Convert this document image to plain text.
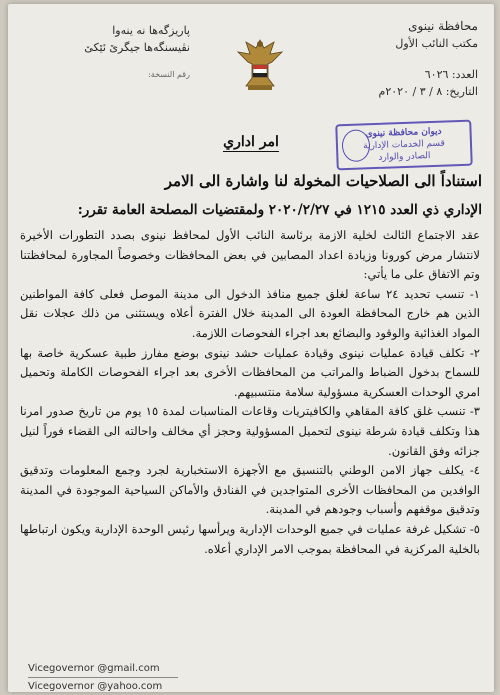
محافظة نينوى
مكتب النائب الأول
العدد: ٦٠٢٦
التاريخ: ٨ / ٣ / ٢٠٢٠م
پاريزگەها نە ينەوا
نڤيسنگەها جيگرێ ئێكێ
رقم النسخة:
ديوان محافظة نينوى
قسم الخدمات الإدارية
الصادر والوارد
امر اداري
استناداً الى الصلاحيات المخولة لنا واشارة الى الامر
الإداري ذي العدد ١٢١٥ في ٢٠٢٠/٢/٢٧ ولمقتضيات المصلحة العامة تقرر:

عقد الاجتماع الثالث لخلية الازمة برئاسة النائب الأول لمحافظ نينوى بصدد التطورات الأخيرة لانتشار مرض كورونا وزيادة اعداد المصابين في بعض المحافظات وخصوصاً المجاورة لمحافظتنا وتم الاتفاق على ما يأتي:

١- تنسب تحديد ٢٤ ساعة لغلق جميع منافذ الدخول الى مدينة الموصل فعلى كافة المواطنين الذين هم خارج المحافظة العودة الى المدينة خلال الفترة أعلاه ويستثنى من ذلك عجلات نقل المواد الغذائية والوقود والبضائع بعد اجراء الفحوصات اللازمة.

٢- تكلف قيادة عمليات نينوى وقيادة عمليات حشد نينوى بوضع مفارز طبية عسكرية خاصة بها للسماح بدخول الضباط والمراتب من المحافظات الأخرى بعد اجراء الفحوصات الكاملة وتحميل امري الوحدات العسكرية مسؤولية سلامة منتسبيهم.

٣- تنسب غلق كافة المقاهي والكافيتريات وقاعات المناسبات لمدة ١٥ يوم من تاريخ صدور امرنا هذا وتكلف قيادة شرطة نينوى لتحميل المسؤولية وحجز أي مخالف واحالته الى القضاء فوراً لنيل جزائه وفق القانون.

٤- يكلف جهاز الامن الوطني بالتنسيق مع الأجهزة الاستخبارية لجرد وجمع المعلومات وتدقيق الوافدين من المحافظات الأخرى المتواجدين في الفنادق والأماكن السياحية الموجودة في المدينة وتدقيق موقفهم وأسباب وجودهم في المدينة.

٥- تشكيل غرفة عمليات في جميع الوحدات الإدارية ويرأسها رئيس الوحدة الإدارية ويكون ارتباطها بالخلية المركزية في المحافظة بموجب الامر الإداري أعلاه.

Vicegovernor @gmail.com
Vicegovernor @yahoo.com
